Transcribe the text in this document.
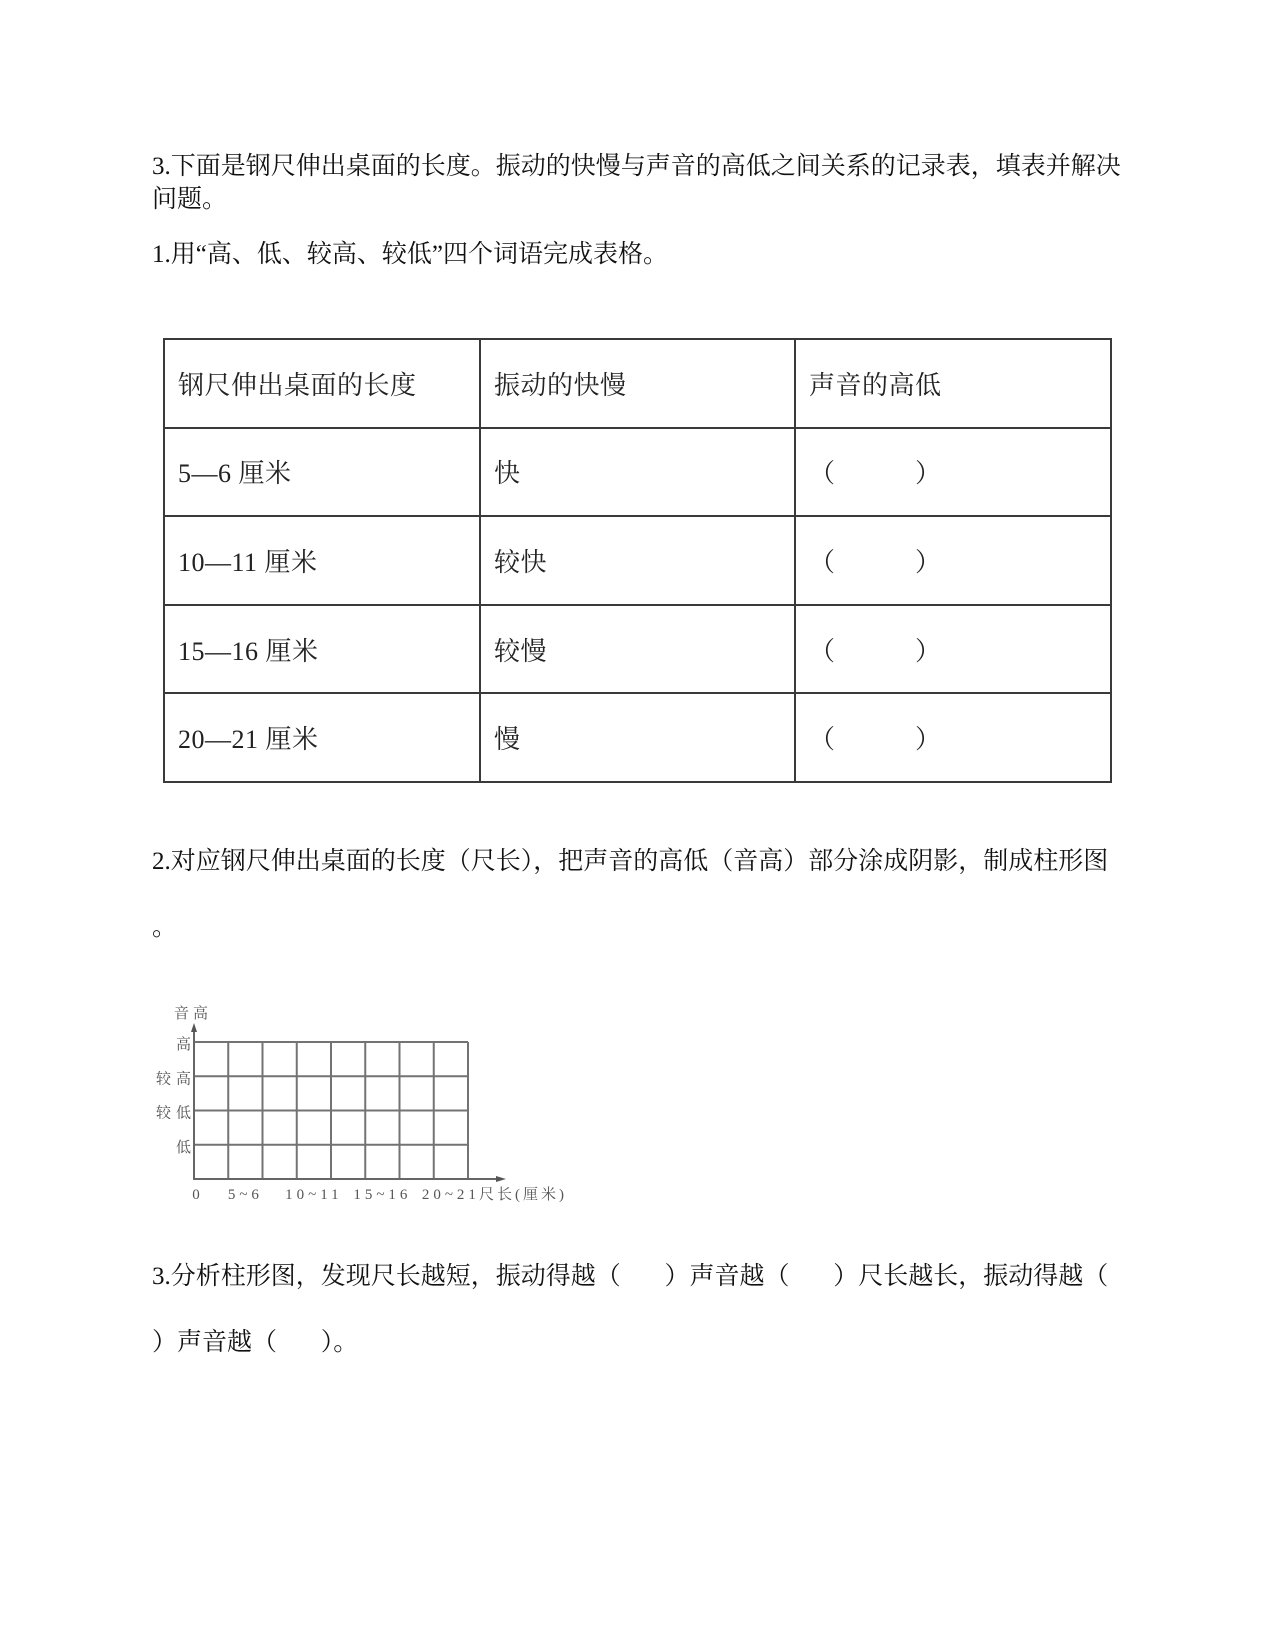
3.下面是钢尺伸出桌面的长度。振动的快慢与声音的高低之间关系的记录表，填表并解决
问题。
1.用“高、低、较高、较低”四个词语完成表格。
钢尺伸出桌面的长度	振动的快慢	声音的高低
5—6 厘米	快	（　　　）
10—11 厘米	较快	（　　　）
15—16 厘米	较慢	（　　　）
20—21 厘米	慢	（　　　）
2.对应钢尺伸出桌面的长度（尺长），把声音的高低（音高）部分涂成阴影，制成柱形图
。
音高
低
较低
较高
高
0 5~6 10~11 15~16 20~21 尺长(厘米)
3.分析柱形图，发现尺长越短，振动得越（       ）声音越（       ）尺长越长，振动得越（
）声音越（       ）。
